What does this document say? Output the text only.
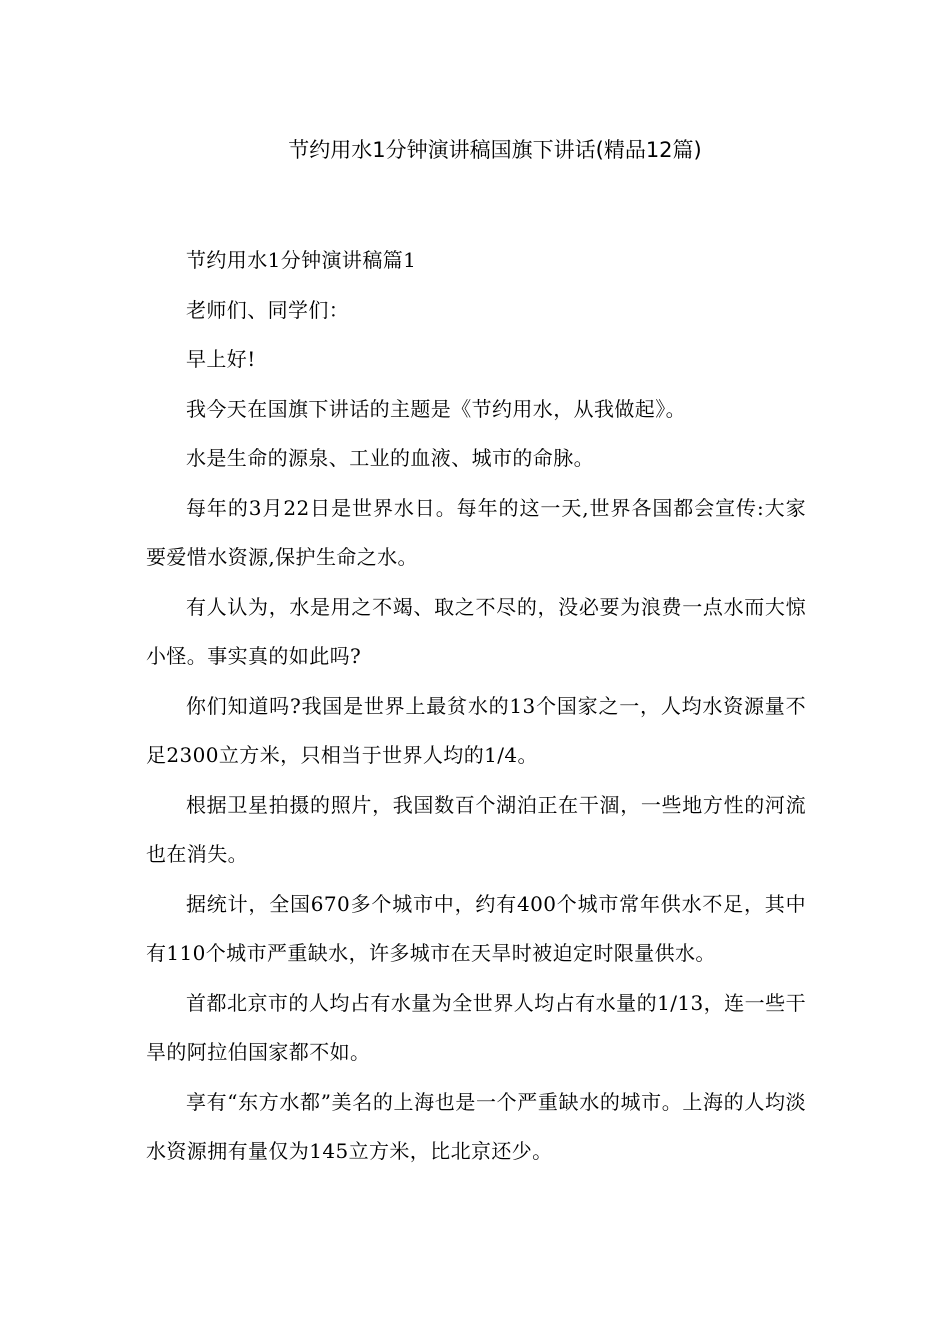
节约用水1分钟演讲稿国旗下讲话(精品12篇)

节约用水1分钟演讲稿篇1

老师们、同学们：

早上好!

我今天在国旗下讲话的主题是《节约用水，从我做起》。

水是生命的源泉、工业的血液、城市的命脉。

每年的3月22日是世界水日。每年的这一天,世界各国都会宣传:大家要爱惜水资源,保护生命之水。

有人认为，水是用之不竭、取之不尽的，没必要为浪费一点水而大惊小怪。事实真的如此吗?

你们知道吗?我国是世界上最贫水的13个国家之一，人均水资源量不足2300立方米，只相当于世界人均的1/4。

根据卫星拍摄的照片，我国数百个湖泊正在干涸，一些地方性的河流也在消失。

据统计，全国670多个城市中，约有400个城市常年供水不足，其中有110个城市严重缺水，许多城市在天旱时被迫定时限量供水。

首都北京市的人均占有水量为全世界人均占有水量的1/13，连一些干旱的阿拉伯国家都不如。

享有“东方水都”美名的上海也是一个严重缺水的城市。上海的人均淡水资源拥有量仅为145立方米，比北京还少。
